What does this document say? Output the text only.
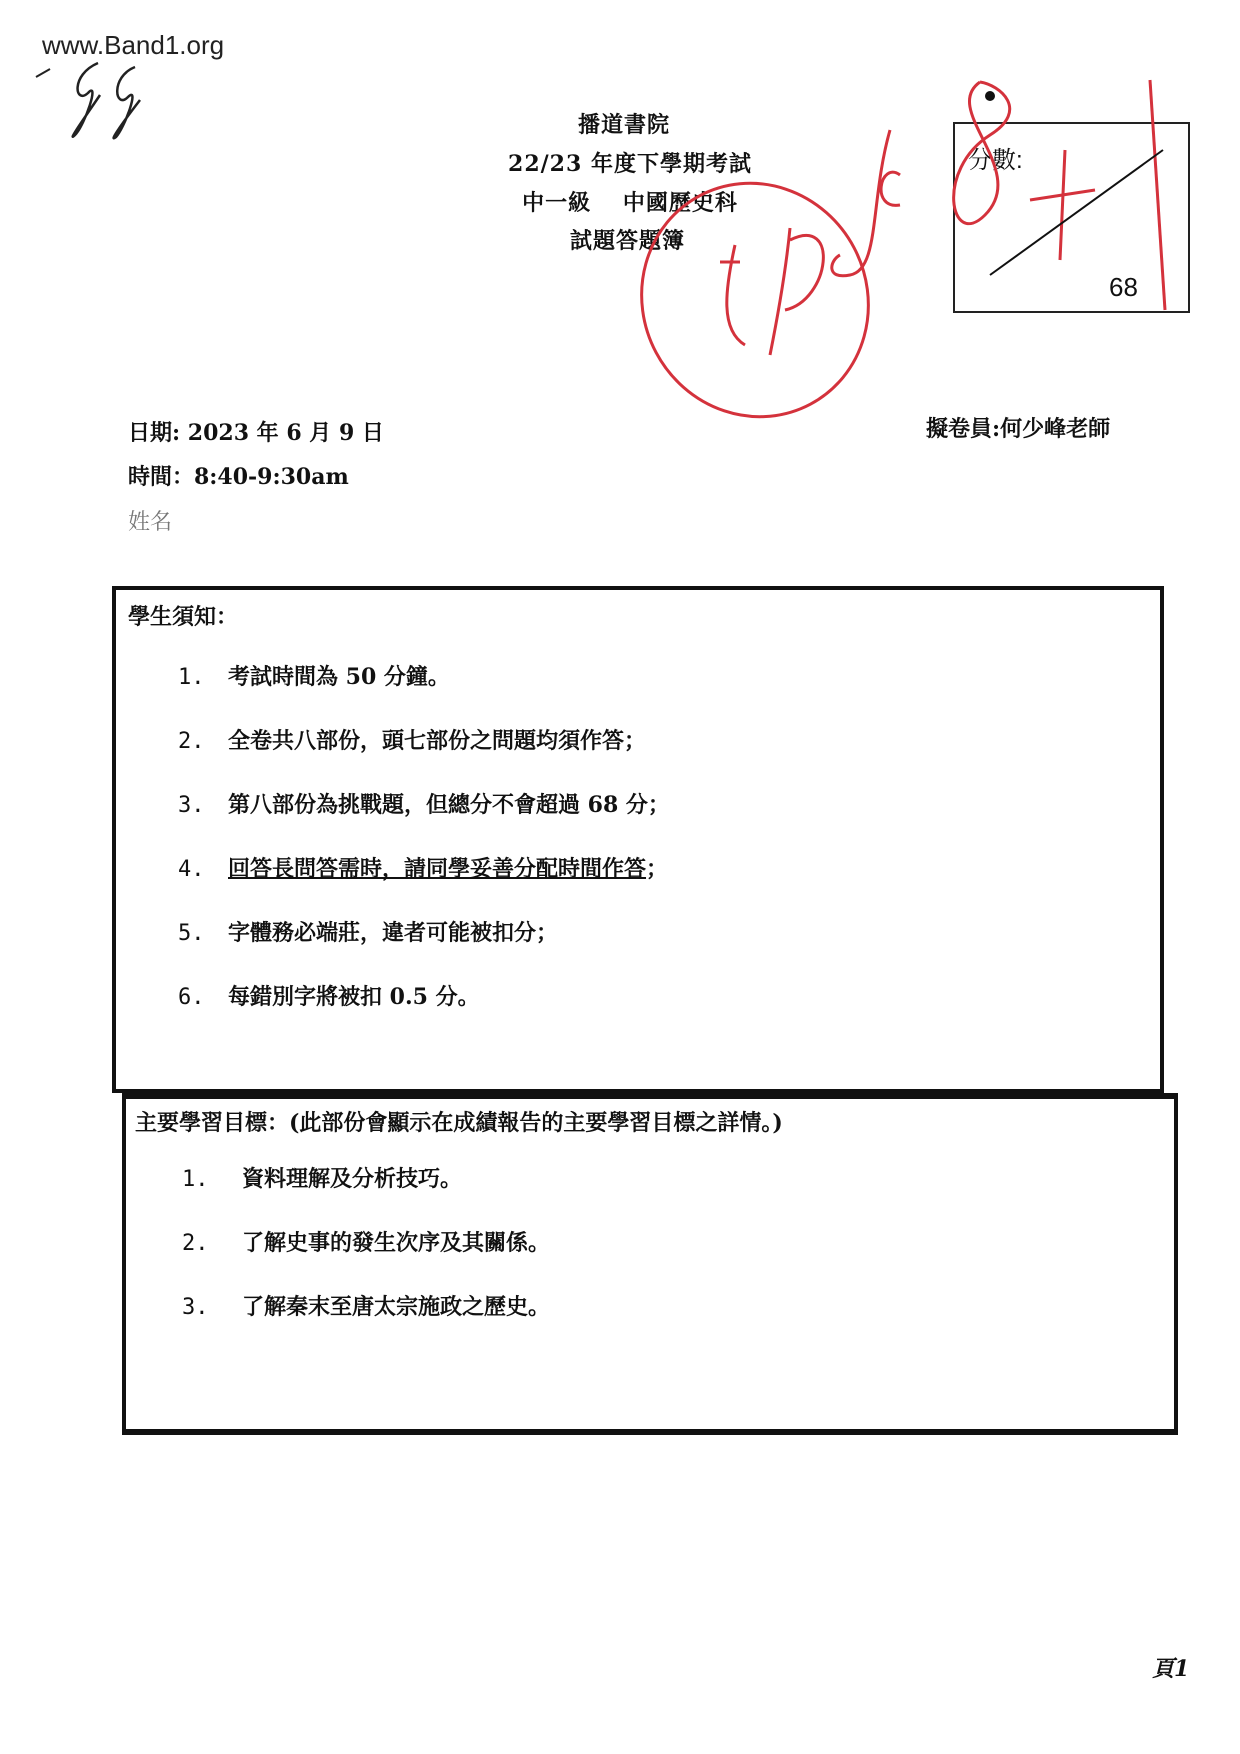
www.Band1.org
播道書院
22/23 年度下學期考試
中一級　 中國歷史科
試題答題簿
分數:
68
日期: 2023 年 6 月 9 日
時間：8:40-9:30am
姓名
擬卷員:何少峰老師
學生須知：
1. 考試時間為 50 分鐘。
2. 全卷共八部份，頭七部份之問題均須作答；
3. 第八部份為挑戰題，但總分不會超過 68 分；
4. 回答長問答需時，請同學妥善分配時間作答；
5. 字體務必端莊，違者可能被扣分；
6. 每錯別字將被扣 0.5 分。
主要學習目標：(此部份會顯示在成績報告的主要學習目標之詳情。)
1. 資料理解及分析技巧。
2. 了解史事的發生次序及其關係。
3. 了解秦末至唐太宗施政之歷史。
頁1
